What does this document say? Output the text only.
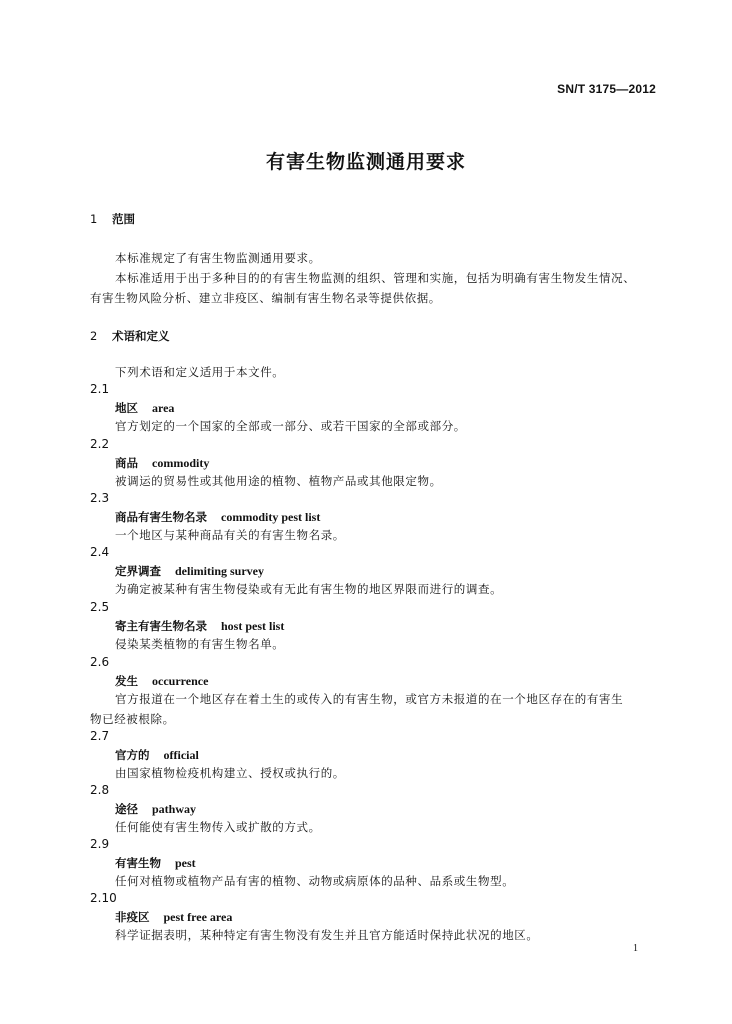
SN/T 3175—2012
有害生物监测通用要求
1 范围
本标准规定了有害生物监测通用要求。
本标准适用于出于多种目的的有害生物监测的组织、管理和实施，包括为明确有害生物发生情况、
有害生物风险分析、建立非疫区、编制有害生物名录等提供依据。
2 术语和定义
下列术语和定义适用于本文件。
2.1
地区 area
官方划定的一个国家的全部或一部分、或若干国家的全部或部分。
2.2
商品 commodity
被调运的贸易性或其他用途的植物、植物产品或其他限定物。
2.3
商品有害生物名录 commodity pest list
一个地区与某种商品有关的有害生物名录。
2.4
定界调查 delimiting survey
为确定被某种有害生物侵染或有无此有害生物的地区界限而进行的调查。
2.5
寄主有害生物名录 host pest list
侵染某类植物的有害生物名单。
2.6
发生 occurrence
官方报道在一个地区存在着土生的或传入的有害生物，或官方未报道的在一个地区存在的有害生
物已经被根除。
2.7
官方的 official
由国家植物检疫机构建立、授权或执行的。
2.8
途径 pathway
任何能使有害生物传入或扩散的方式。
2.9
有害生物 pest
任何对植物或植物产品有害的植物、动物或病原体的品种、品系或生物型。
2.10
非疫区 pest free area
科学证据表明，某种特定有害生物没有发生并且官方能适时保持此状况的地区。
1
